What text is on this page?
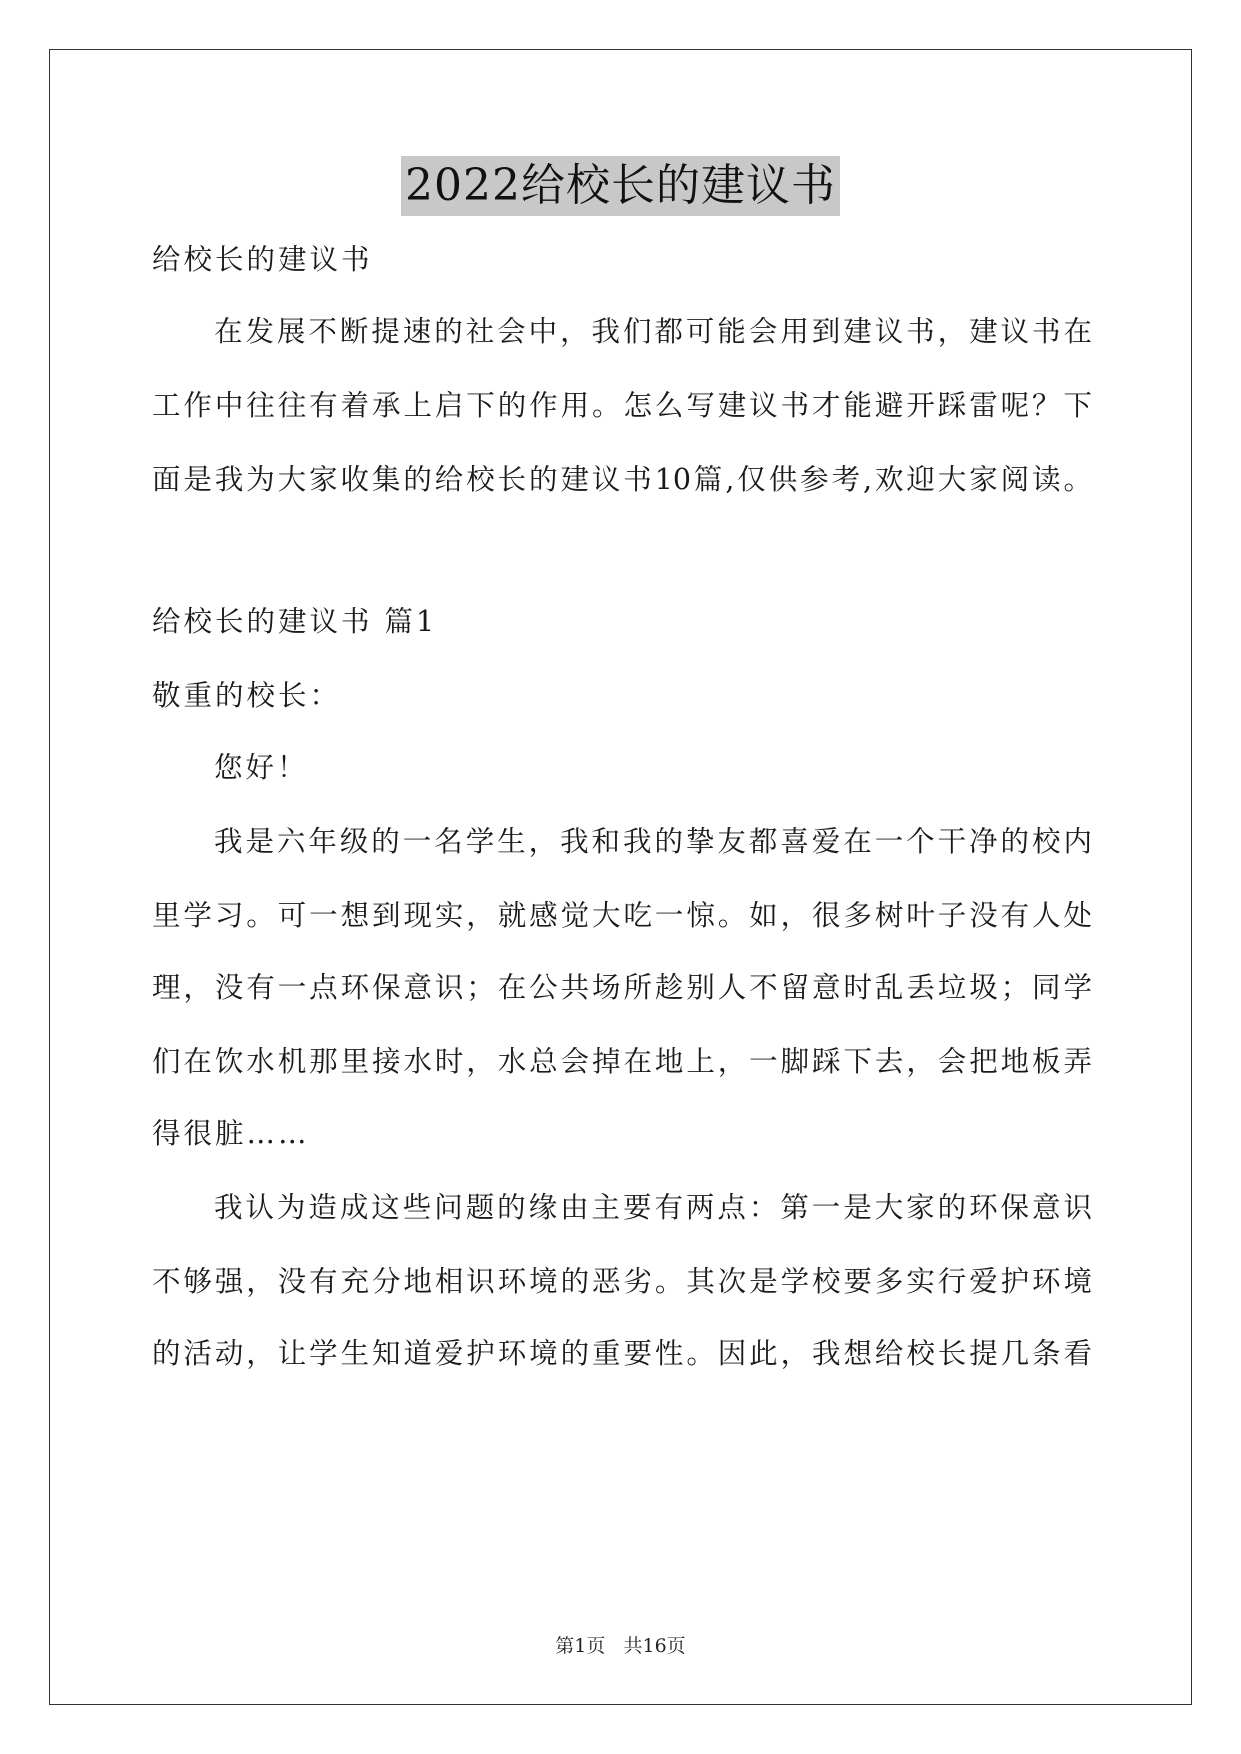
2022给校长的建议书
给校长的建议书
在发展不断提速的社会中，我们都可能会用到建议书，建议书在
工作中往往有着承上启下的作用。怎么写建议书才能避开踩雷呢？下
面是我为大家收集的给校长的建议书10篇,仅供参考,欢迎大家阅读。
给校长的建议书 篇1
敬重的校长：
您好！
我是六年级的一名学生，我和我的挚友都喜爱在一个干净的校内
里学习。可一想到现实，就感觉大吃一惊。如，很多树叶子没有人处
理，没有一点环保意识；在公共场所趁别人不留意时乱丢垃圾；同学
们在饮水机那里接水时，水总会掉在地上，一脚踩下去，会把地板弄
得很脏……
我认为造成这些问题的缘由主要有两点：第一是大家的环保意识
不够强，没有充分地相识环境的恶劣。其次是学校要多实行爱护环境
的活动，让学生知道爱护环境的重要性。因此，我想给校长提几条看
第1页   共16页
